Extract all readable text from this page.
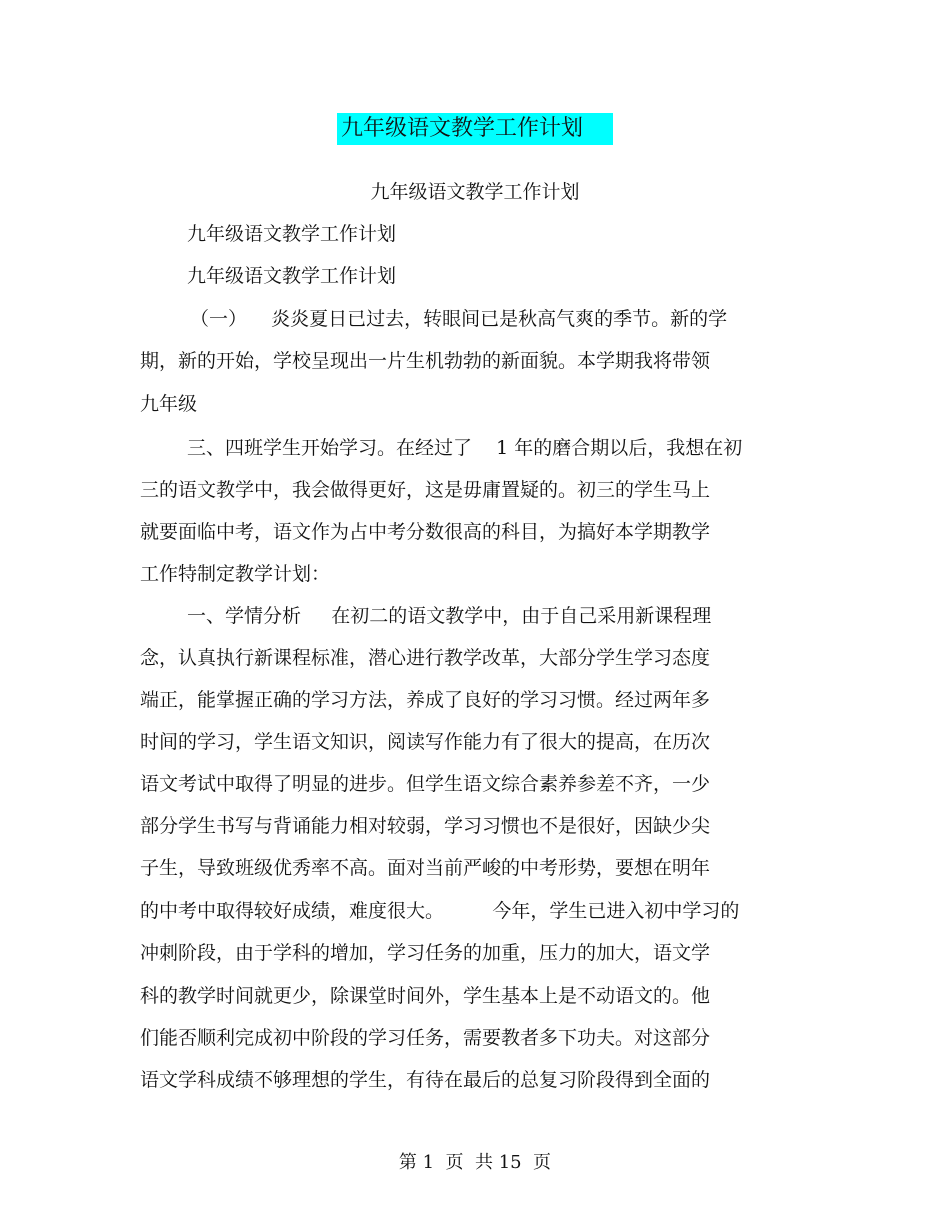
九年级语文教学工作计划
九年级语文教学工作计划
九年级语文教学工作计划
九年级语文教学工作计划
（一）    炎炎夏日已过去，转眼间已是秋高气爽的季节。新的学
期，新的开始，学校呈现出一片生机勃勃的新面貌。本学期我将带领
九年级
三、四班学生开始学习。在经过了    1 年的磨合期以后，我想在初
三的语文教学中，我会做得更好，这是毋庸置疑的。初三的学生马上
就要面临中考，语文作为占中考分数很高的科目，为搞好本学期教学
工作特制定教学计划：
一、学情分析     在初二的语文教学中，由于自己采用新课程理
念，认真执行新课程标准，潜心进行教学改革，大部分学生学习态度
端正，能掌握正确的学习方法，养成了良好的学习习惯。经过两年多
时间的学习，学生语文知识，阅读写作能力有了很大的提高，在历次
语文考试中取得了明显的进步。但学生语文综合素养参差不齐，一少
部分学生书写与背诵能力相对较弱，学习习惯也不是很好，因缺少尖
子生，导致班级优秀率不高。面对当前严峻的中考形势，要想在明年
的中考中取得较好成绩，难度很大。        今年，学生已进入初中学习的
冲刺阶段，由于学科的增加，学习任务的加重，压力的加大，语文学
科的教学时间就更少，除课堂时间外，学生基本上是不动语文的。他
们能否顺利完成初中阶段的学习任务，需要教者多下功夫。对这部分
语文学科成绩不够理想的学生，有待在最后的总复习阶段得到全面的
第 1  页  共 15  页
